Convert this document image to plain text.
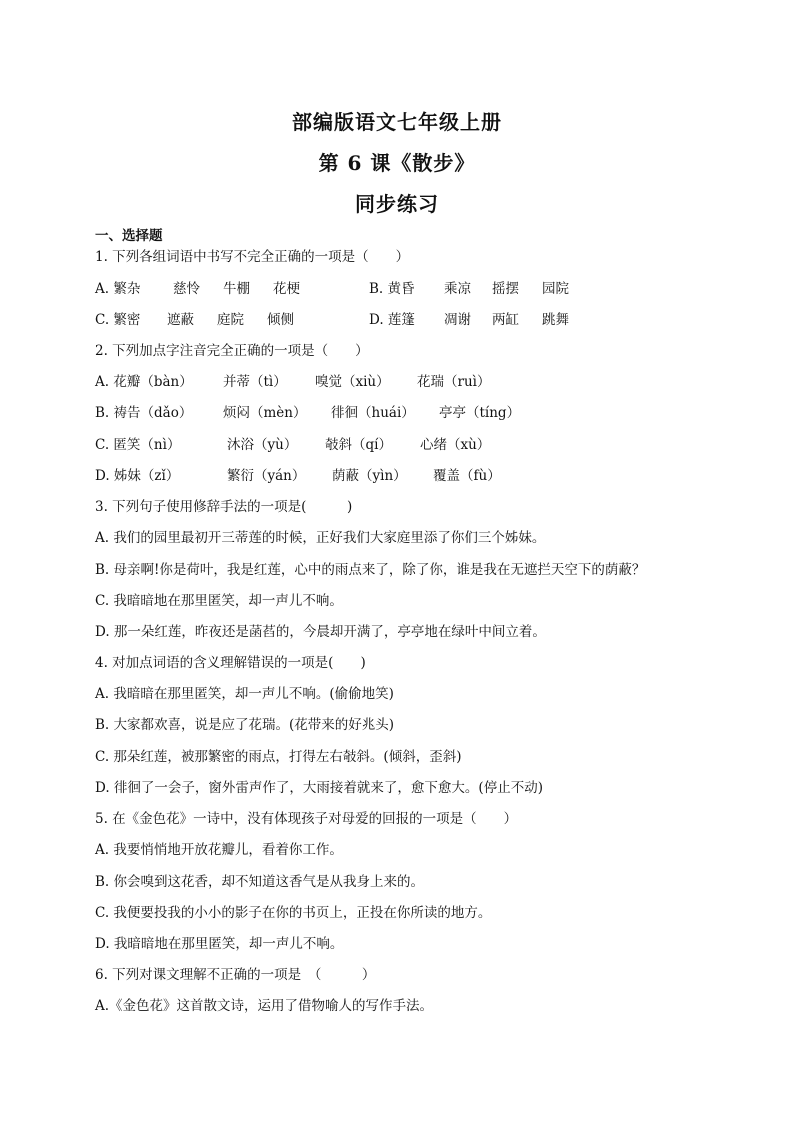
部编版语文七年级上册
第 6 课《散步》
同步练习
一、选择题
1. 下列各组词语中书写不完全正确的一项是（　　）
A. 繁杂 慈怜 牛棚 花梗	B. 黄昏 乘凉 摇摆 园院
C. 繁密 遮蔽 庭院 倾侧	D. 莲篷 凋谢 两缸 跳舞
2. 下列加点字注音完全正确的一项是（　　）
A. 花瓣（bàn） 并蒂（tì） 嗅觉（xiù） 花瑞（ruì）
B. 祷告（dǎo） 烦闷（mèn） 徘徊（huái） 亭亭（tíng）
C. 匿笑（nì）	沐浴（yù） 攲斜（qí） 心绪（xù）
D. 姊妹（zǐ）	繁衍（yán） 荫蔽（yìn） 覆盖（fù）
3. 下列句子使用修辞手法的一项是(　　　)
A. 我们的园里最初开三蒂莲的时候，正好我们大家庭里添了你们三个姊妹。
B. 母亲啊!你是荷叶，我是红莲，心中的雨点来了，除了你，谁是我在无遮拦天空下的荫蔽？
C. 我暗暗地在那里匿笑，却一声儿不响。
D. 那一朵红莲，昨夜还是菡萏的，今晨却开满了，亭亭地在绿叶中间立着。
4. 对加点词语的含义理解错误的一项是(　　)
A. 我暗暗在那里匿笑，却一声儿不响。(偷偷地笑)
B. 大家都欢喜，说是应了花瑞。(花带来的好兆头)
C. 那朵红莲，被那繁密的雨点，打得左右攲斜。(倾斜，歪斜)
D. 徘徊了一会子，窗外雷声作了，大雨接着就来了，愈下愈大。(停止不动)
5. 在《金色花》一诗中，没有体现孩子对母爱的回报的一项是（　　）
A. 我要悄悄地开放花瓣儿，看着你工作。
B. 你会嗅到这花香，却不知道这香气是从我身上来的。
C. 我便要投我的小小的影子在你的书页上，正投在你所读的地方。
D. 我暗暗地在那里匿笑，却一声儿不响。
6. 下列对课文理解不正确的一项是　（　　　）
A.《金色花》这首散文诗，运用了借物喻人的写作手法。
